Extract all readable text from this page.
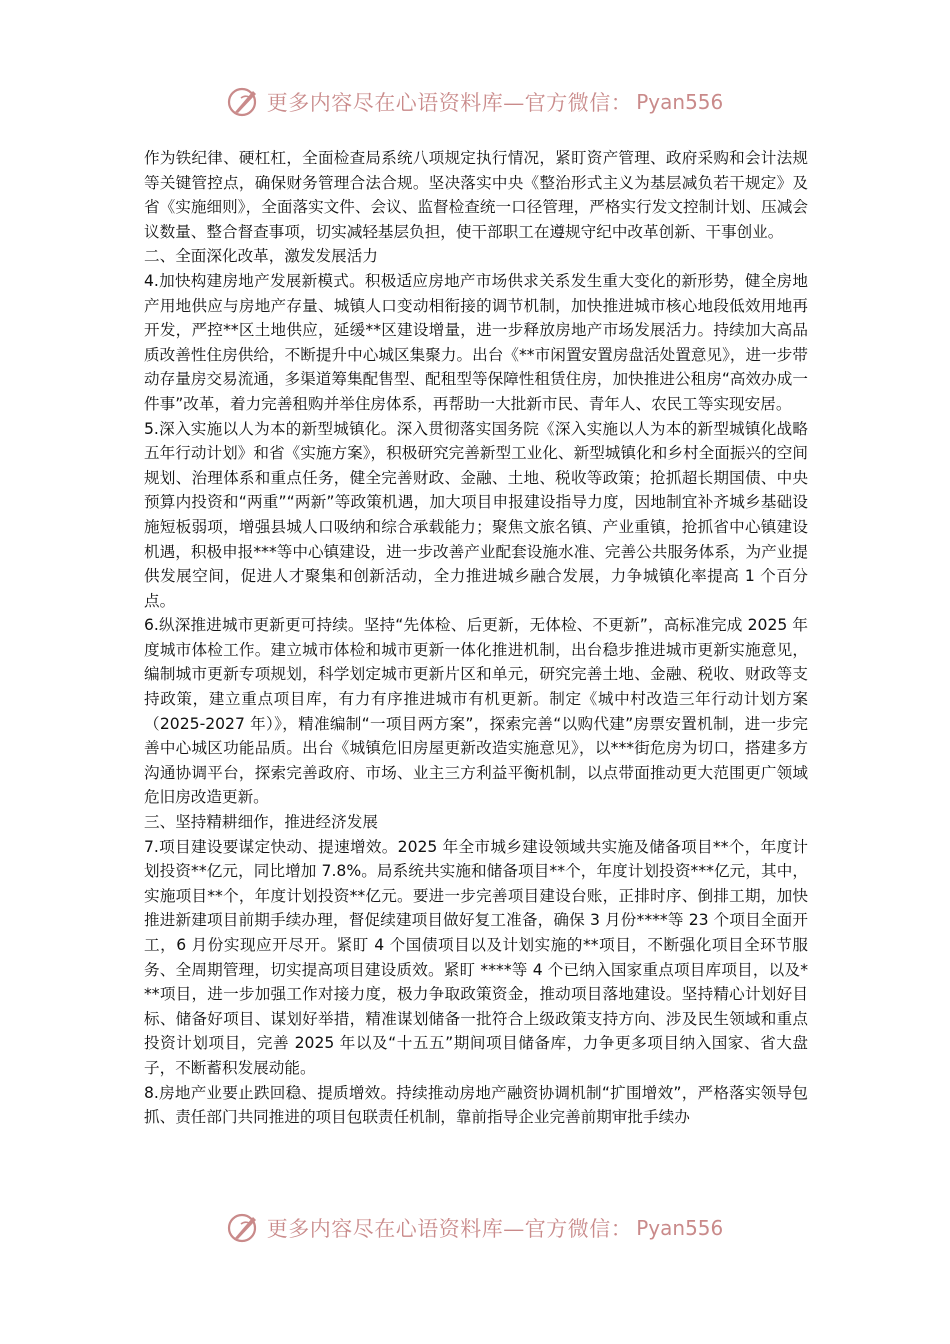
更多内容尽在心语资料库—官方微信： Pyan556

作为铁纪律、硬杠杠，全面检查局系统八项规定执行情况，紧盯资产管理、政府采购和会计法规等关键管控点，确保财务管理合法合规。坚决落实中央《整治形式主义为基层减负若干规定》及省《实施细则》，全面落实文件、会议、监督检查统一口径管理，严格实行发文控制计划、压减会议数量、整合督查事项，切实减轻基层负担，使干部职工在遵规守纪中改革创新、干事创业。

二、全面深化改革，激发发展活力

4.加快构建房地产发展新模式。积极适应房地产市场供求关系发生重大变化的新形势，健全房地产用地供应与房地产存量、城镇人口变动相衔接的调节机制，加快推进城市核心地段低效用地再开发，严控**区土地供应，延缓**区建设增量，进一步释放房地产市场发展活力。持续加大高品质改善性住房供给，不断提升中心城区集聚力。出台《**市闲置安置房盘活处置意见》，进一步带动存量房交易流通，多渠道筹集配售型、配租型等保障性租赁住房，加快推进公租房“高效办成一件事”改革，着力完善租购并举住房体系，再帮助一大批新市民、青年人、农民工等实现安居。

5.深入实施以人为本的新型城镇化。深入贯彻落实国务院《深入实施以人为本的新型城镇化战略五年行动计划》和省《实施方案》，积极研究完善新型工业化、新型城镇化和乡村全面振兴的空间规划、治理体系和重点任务，健全完善财政、金融、土地、税收等政策；抢抓超长期国债、中央预算内投资和“两重”“两新”等政策机遇，加大项目申报建设指导力度，因地制宜补齐城乡基础设施短板弱项，增强县城人口吸纳和综合承载能力；聚焦文旅名镇、产业重镇，抢抓省中心镇建设机遇，积极申报***等中心镇建设，进一步改善产业配套设施水准、完善公共服务体系，为产业提供发展空间，促进人才聚集和创新活动，全力推进城乡融合发展，力争城镇化率提高 1 个百分点。

6.纵深推进城市更新更可持续。坚持“先体检、后更新，无体检、不更新”，高标准完成 2025 年度城市体检工作。建立城市体检和城市更新一体化推进机制，出台稳步推进城市更新实施意见，编制城市更新专项规划，科学划定城市更新片区和单元，研究完善土地、金融、税收、财政等支持政策，建立重点项目库，有力有序推进城市有机更新。制定《城中村改造三年行动计划方案（2025-2027 年）》，精准编制“一项目两方案”，探索完善“以购代建”房票安置机制，进一步完善中心城区功能品质。出台《城镇危旧房屋更新改造实施意见》，以***街危房为切口，搭建多方沟通协调平台，探索完善政府、市场、业主三方利益平衡机制，以点带面推动更大范围更广领域危旧房改造更新。

三、坚持精耕细作，推进经济发展

7.项目建设要谋定快动、提速增效。2025 年全市城乡建设领域共实施及储备项目**个，年度计划投资**亿元，同比增加 7.8%。局系统共实施和储备项目**个，年度计划投资***亿元，其中，实施项目**个，年度计划投资**亿元。要进一步完善项目建设台账，正排时序、倒排工期，加快推进新建项目前期手续办理，督促续建项目做好复工准备，确保 3 月份****等 23 个项目全面开工，6 月份实现应开尽开。紧盯 4 个国债项目以及计划实施的**项目，不断强化项目全环节服务、全周期管理，切实提高项目建设质效。紧盯 ****等 4 个已纳入国家重点项目库项目，以及***项目，进一步加强工作对接力度，极力争取政策资金，推动项目落地建设。坚持精心计划好目标、储备好项目、谋划好举措，精准谋划储备一批符合上级政策支持方向、涉及民生领域和重点投资计划项目，完善 2025 年以及“十五五”期间项目储备库，力争更多项目纳入国家、省大盘子，不断蓄积发展动能。

8.房地产业要止跌回稳、提质增效。持续推动房地产融资协调机制“扩围增效”，严格落实领导包抓、责任部门共同推进的项目包联责任机制，靠前指导企业完善前期审批手续办

更多内容尽在心语资料库—官方微信： Pyan556
